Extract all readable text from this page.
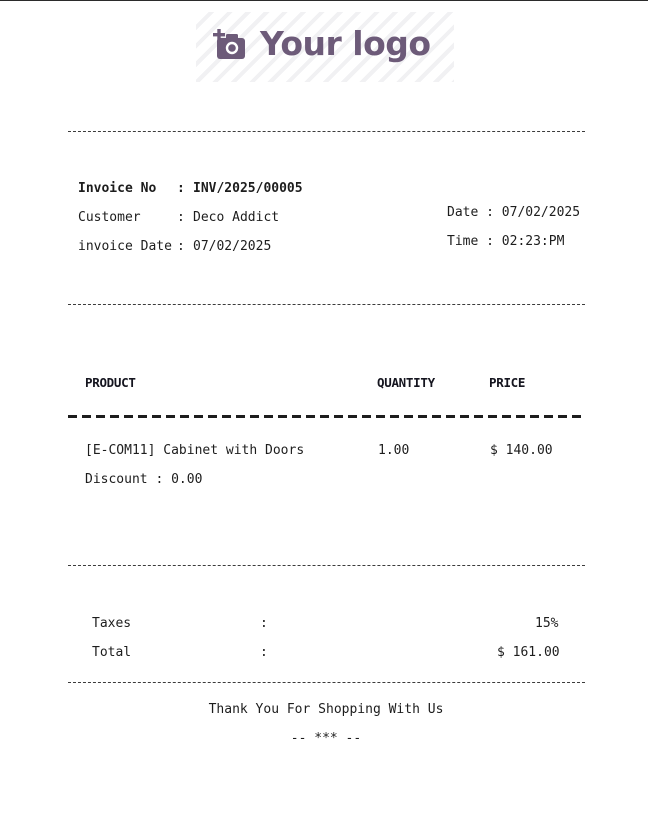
Your logo
Invoice No : INV/2025/00005
Customer	: Deco Addict
invoice Date : 07/02/2025
Date : 07/02/2025
Time : 02:23:PM
PRODUCT	QUANTITY	PRICE
[E-COM11] Cabinet with Doors	1.00	$ 140.00
Discount : 0.00
Taxes	:	15%
Total	:	$ 161.00
Thank You For Shopping With Us
-- *** --
